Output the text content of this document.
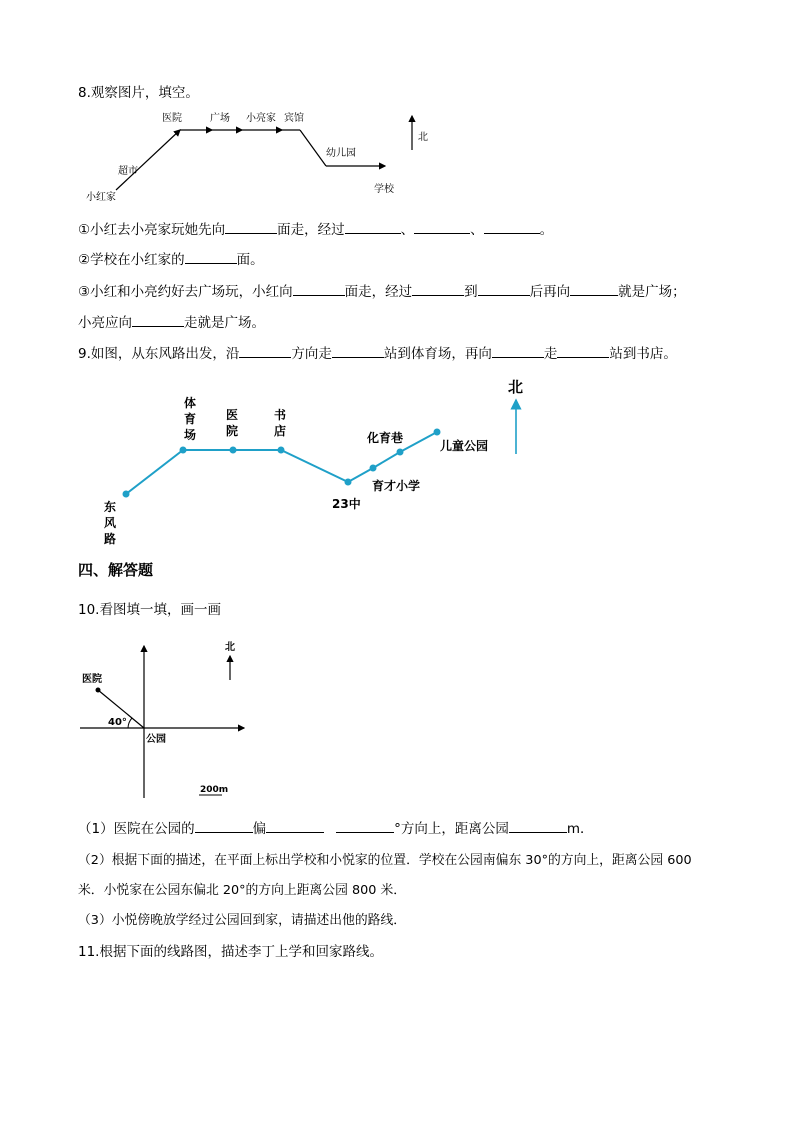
8.观察图片，填空。
小红家
超市
医院	广场 小亮家 宾馆
幼儿园
学校
北
①小红去小亮家玩她先向	面走，经过	、	、	。
②学校在小红家的	面。
③小红和小亮约好去广场玩，小红向	面走，经过	到	后再向	就是广场；
小亮应向	走就是广场。
9.如图，从东风路出发，沿	方向走	站到体育场，再向	走	站到书店。
北
东
风
路
体
育
场
医
院
书
店
23中
育才小学
化育巷
儿童公园
四、解答题
10.看图填一填，画一画
医院
40°
公园
北
200m
（1）医院在公园的	偏	°方向上，距离公园	m．
（2）根据下面的描述，在平面上标出学校和小悦家的位置．学校在公园南偏东 30°的方向上，距离公园 600
米．小悦家在公园东偏北 20°的方向上距离公园 800 米．
（3）小悦傍晚放学经过公园回到家，请描述出他的路线．
11.根据下面的线路图，描述李丁上学和回家路线。
